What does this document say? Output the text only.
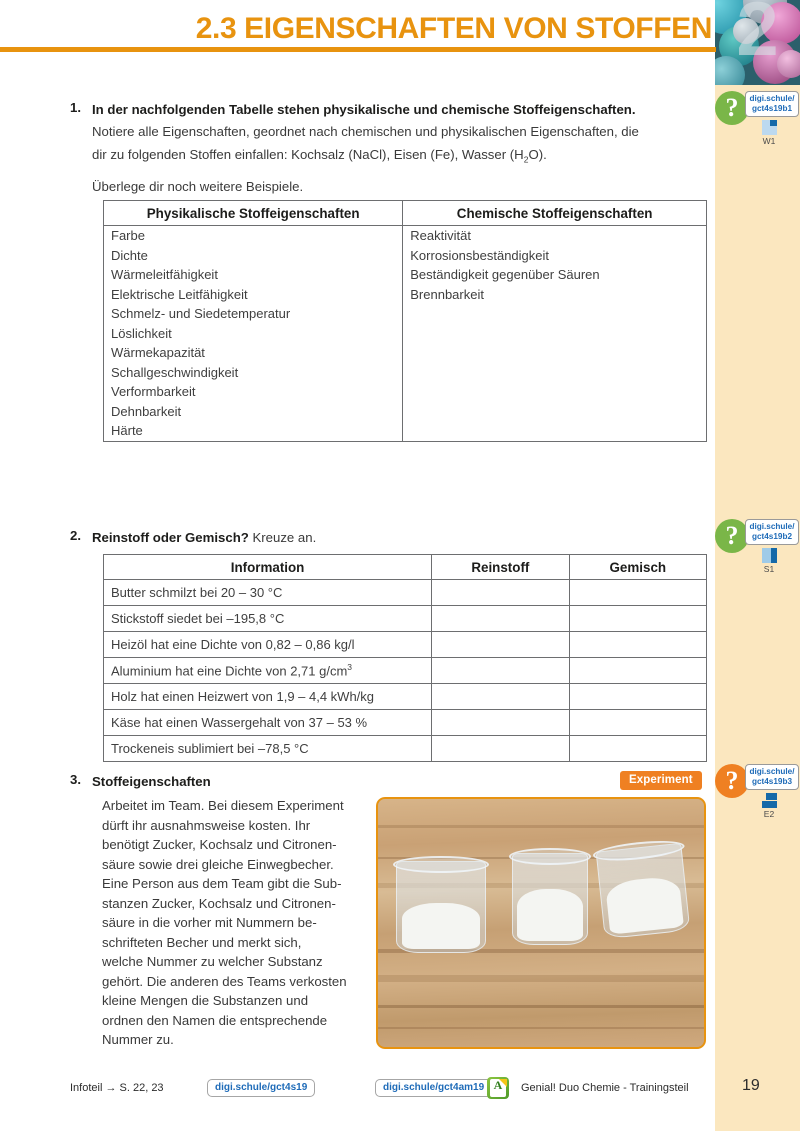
2
?	digi.schule/
gct4s19b1
W1
?	digi.schule/
gct4s19b2
S1
?	digi.schule/
gct4s19b3
E2
2.3 EIGENSCHAFTEN VON STOFFEN
1. In der nachfolgenden Tabelle stehen physikalische und chemische Stoffeigenschaften.

Notiere alle Eigenschaften, geordnet nach chemischen und physikalischen Eigenschaften, die

dir zu folgenden Stoffen einfallen: Kochsalz (NaCl), Eisen (Fe), Wasser $(H_2O)$.

Überlege dir noch weitere Beispiele.

Physikalische Stoffeigenschaften	Chemische Stoffeigenschaften
Farbe	Reaktivität
Dichte	Korrosionsbeständigkeit
Wärmeleitfähigkeit	Beständigkeit gegenüber Säuren
Elektrische Leitfähigkeit	Brennbarkeit
Schmelz- und Siedetemperatur	
Löslichkeit	
Wärmekapazität	
Schallgeschwindigkeit	
Verformbarkeit	
Dehnbarkeit	
Härte	
2. Reinstoff oder Gemisch? Kreuze an.

Information	Reinstoff	Gemisch
Butter schmilzt bei 20 – 30 °C		
Stickstoff siedet bei –195,8 °C		
Heizöl hat eine Dichte von 0,82 – 0,86 kg/l		
Aluminium hat eine Dichte von 2,71 $g/cm^3$		
Holz hat einen Heizwert von 1,9 – 4,4 kWh/kg		
Käse hat einen Wassergehalt von 37 – 53 %		
Trockeneis sublimiert bei –78,5 °C		
3. Stoffeigenschaften	Experiment
Arbeitet im Team. Bei diesem Experiment
dürft ihr ausnahmsweise kosten. Ihr
benötigt Zucker, Kochsalz und Citronen-
säure sowie drei gleiche Einwegbecher.
Eine Person aus dem Team gibt die Sub-
stanzen Zucker, Kochsalz und Citronen-
säure in die vorher mit Nummern be-
schrifteten Becher und merkt sich,
welche Nummer zu welcher Substanz
gehört. Die anderen des Teams verkosten
kleine Mengen die Substanzen und
ordnen den Namen die entsprechende
Nummer zu.
Infoteil → S. 22, 23	digi.schule/gct4s19	digi.schule/gct4am19 A	Genial! Duo Chemie - Trainingsteil	19
